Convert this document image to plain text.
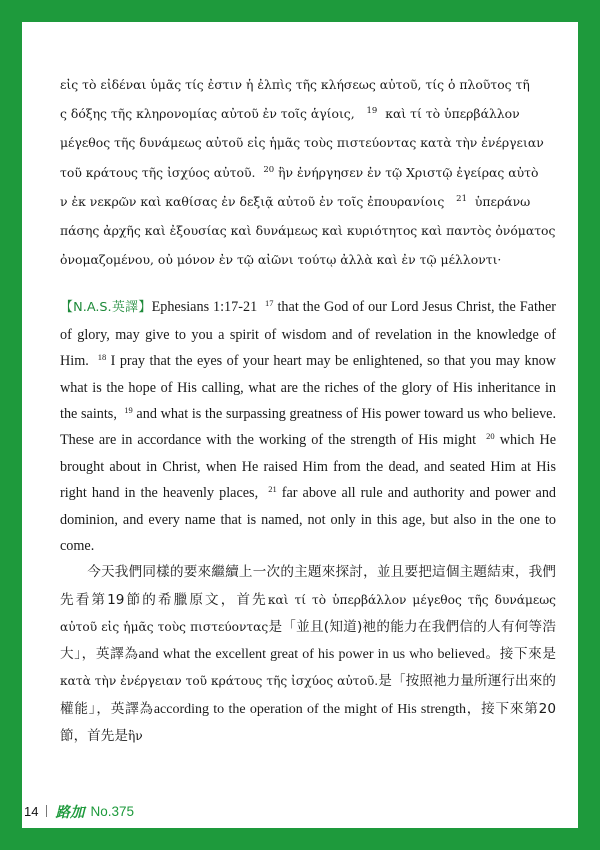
εἰς τὸ εἰδέναι ὑμᾶς τίς ἐστιν ἡ ἐλπὶς τῆς κλήσεως αὐτοῦ, τίς ὁ πλοῦτος τῆ

ς δόξης τῆς κληρονομίας αὐτοῦ ἐν τοῖς ἁγίοις, $^{19}$ καὶ τί τὸ ὑπερβάλλον

μέγεθος τῆς δυνάμεως αὐτοῦ εἰς ἡμᾶς τοὺς πιστεύοντας κατὰ τὴν ἐνέργειαν

τοῦ κράτους τῆς ἰσχύος αὐτοῦ. $^{20}$ ἣν ἐνήργησεν ἐν τῷ Χριστῷ ἐγείρας αὐτὸ

ν ἐκ νεκρῶν καὶ καθίσας ἐν δεξιᾷ αὐτοῦ ἐν τοῖς ἐπουρανίοις $^{21}$ ὑπεράνω

πάσης ἀρχῆς καὶ ἐξουσίας καὶ δυνάμεως καὶ κυριότητος καὶ παντὸς ὀνόματος

ὀνομαζομένου, οὐ μόνον ἐν τῷ αἰῶνι τούτῳ ἀλλὰ καὶ ἐν τῷ μέλλοντι·

【N.A.S.英譯】Ephesians 1:17-21 $^{17}$ that the God of our Lord Jesus Christ, the Father of glory, may give to you a spirit of wisdom and of revelation in the knowledge of Him. $^{18}$ I pray that the eyes of your heart may be enlightened, so that you may know what is the hope of His calling, what are the riches of the glory of His inheritance in the saints, $^{19}$ and what is the surpassing greatness of His power toward us who believe. These are in accordance with the working of the strength of His might $^{20}$ which He brought about in Christ, when He raised Him from the dead, and seated Him at His right hand in the heavenly places, $^{21}$ far above all rule and authority and power and dominion, and every name that is named, not only in this age, but also in the one to come.

今天我們同樣的要來繼續上一次的主題來探討，並且要把這個主題結束，我們先看第19節的希臘原文，首先καὶ τί τὸ ὑπερβάλλον μέγεθος τῆς δυνάμεως αὐτοῦ εἰς ἡμᾶς τοὺς πιστεύοντας是「並且(知道)祂的能力在我們信的人有何等浩大」，英譯為and what the excellent great of his power in us who believed。接下來是κατὰ τὴν ἐνέργειαν τοῦ κράτους τῆς ἰσχύος αὐτοῦ.是「按照祂力量所運行出來的權能」，英譯為according to the operation of the might of His strength，接下來第20節，首先是ἣν

14 路加 No.375
